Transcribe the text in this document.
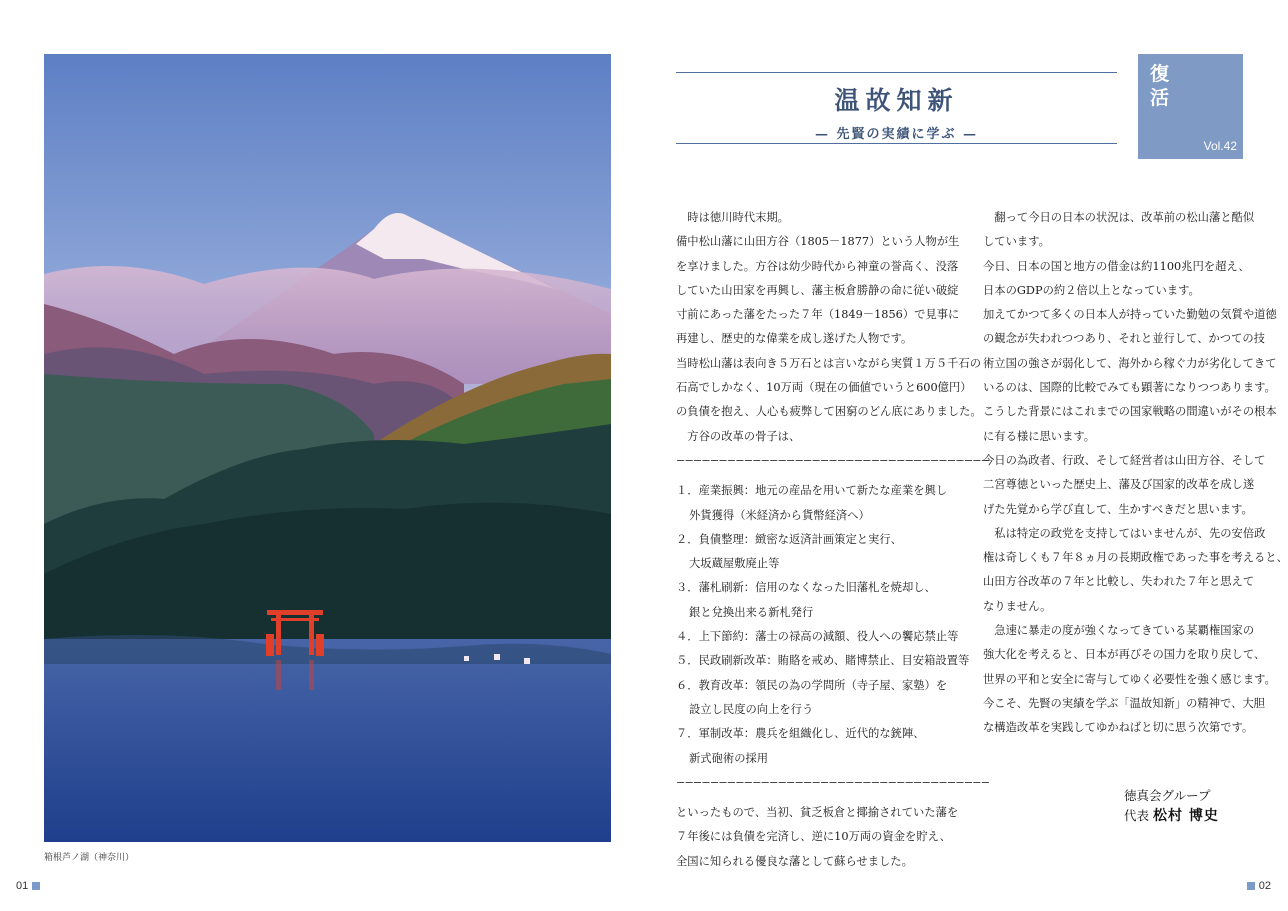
箱根芦ノ湖（神奈川）
01
温故知新
— 先賢の実績に学ぶ —
復活
Vol.42

　時は徳川時代末期。

備中松山藩に山田方谷（1805－1877）という人物が生

を享けました。方谷は幼少時代から神童の誉高く、没落

していた山田家を再興し、藩主板倉勝静の命に従い破綻

寸前にあった藩をたった７年（1849－1856）で見事に

再建し、歴史的な偉業を成し遂げた人物です。

当時松山藩は表向き５万石とは言いながら実質１万５千石の

石高でしかなく、10万両（現在の価値でいうと600億円）

の負債を抱え、人心も疲弊して困窮のどん底にありました。

　方谷の改革の骨子は、

−−−−−−−−−−−−−−−−−−−−−−−−−−−−−−−−−−−−−

１．産業振興：地元の産品を用いて新たな産業を興し

外貨獲得（米経済から貨幣経済へ）

２．負債整理：緻密な返済計画策定と実行、

大坂蔵屋敷廃止等

３．藩札刷新：信用のなくなった旧藩札を焼却し、

銀と兌換出来る新札発行

４．上下節約：藩士の禄高の減額、役人への饗応禁止等

５．民政刷新改革：賄賂を戒め、賭博禁止、目安箱設置等

６．教育改革：領民の為の学問所（寺子屋、家塾）を

設立し民度の向上を行う

７．軍制改革：農兵を組織化し、近代的な銃陣、

新式砲術の採用

−−−−−−−−−−−−−−−−−−−−−−−−−−−−−−−−−−−−−

といったもので、当初、貧乏板倉と揶揄されていた藩を

７年後には負債を完済し、逆に10万両の資金を貯え、

全国に知られる優良な藩として蘇らせました。

　翻って今日の日本の状況は、改革前の松山藩と酷似

しています。

今日、日本の国と地方の借金は約1100兆円を超え、

日本のGDPの約２倍以上となっています。

加えてかつて多くの日本人が持っていた勤勉の気質や道徳

の観念が失われつつあり、それと並行して、かつての技

術立国の強さが弱化して、海外から稼ぐ力が劣化してきて

いるのは、国際的比較でみても顕著になりつつあります。

こうした背景にはこれまでの国家戦略の間違いがその根本

に有る様に思います。

今日の為政者、行政、そして経営者は山田方谷、そして

二宮尊徳といった歴史上、藩及び国家的改革を成し遂

げた先覚から学び直して、生かすべきだと思います。

　私は特定の政党を支持してはいませんが、先の安倍政

権は奇しくも７年８ヵ月の長期政権であった事を考えると、

山田方谷改革の７年と比較し、失われた７年と思えて

なりません。

　急速に暴走の度が強くなってきている某覇権国家の

強大化を考えると、日本が再びその国力を取り戻して、

世界の平和と安全に寄与してゆく必要性を強く感じます。

今こそ、先賢の実績を学ぶ「温故知新」の精神で、大胆

な構造改革を実践してゆかねばと切に思う次第です。

徳真会グループ
代表 松村 博史
02
